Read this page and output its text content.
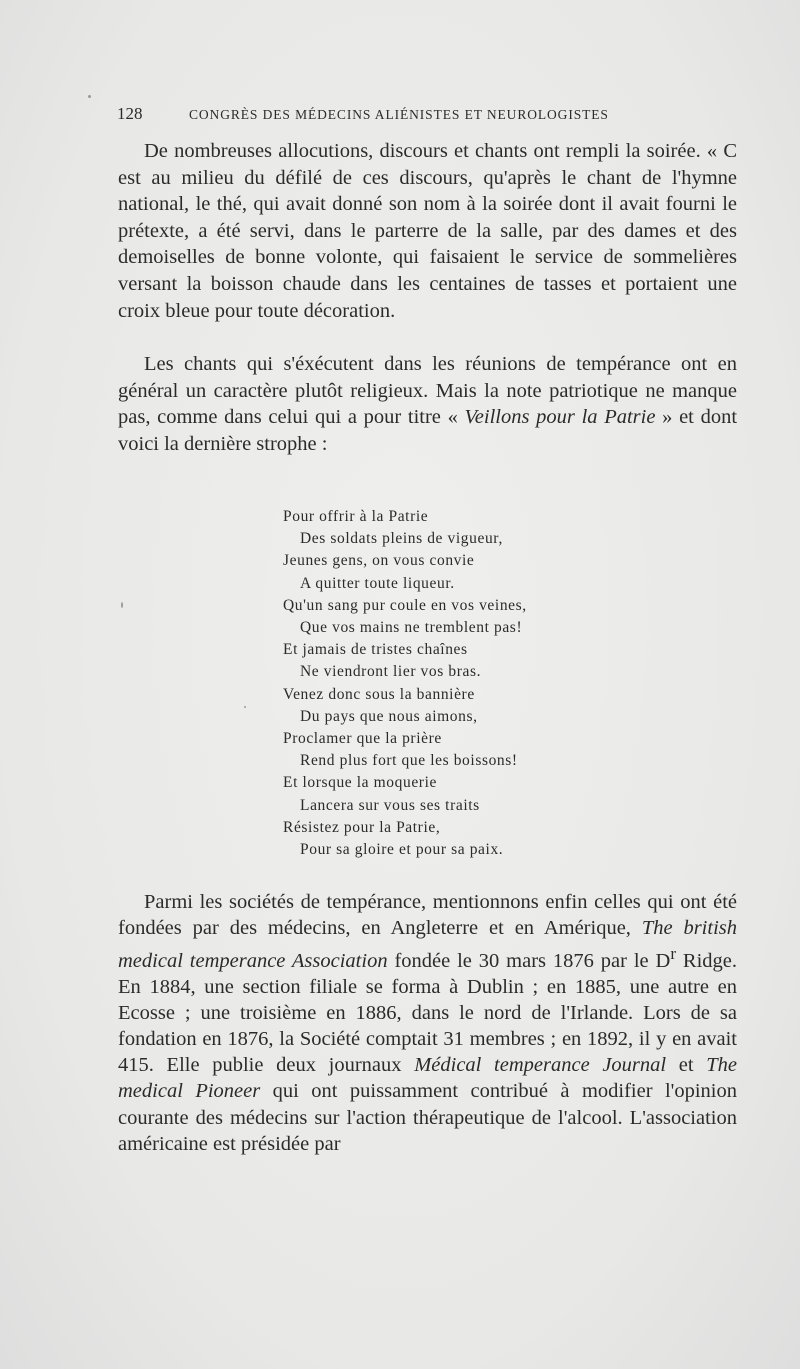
128	CONGRÈS DES MÉDECINS ALIÉNISTES ET NEUROLOGISTES

De nombreuses allocutions, discours et chants ont rempli la soirée. « C est au milieu du défilé de ces discours, qu'après le chant de l'hymne national, le thé, qui avait donné son nom à la soirée dont il avait fourni le prétexte, a été servi, dans le parterre de la salle, par des dames et des demoiselles de bonne volonte, qui faisaient le service de sommelières versant la boisson chaude dans les centaines de tasses et portaient une croix bleue pour toute décoration.

Les chants qui s'éxécutent dans les réunions de tempérance ont en général un caractère plutôt religieux. Mais la note patriotique ne manque pas, comme dans celui qui a pour titre « Veillons pour la Patrie » et dont voici la dernière strophe :

Pour offrir à la Patrie
Des soldats pleins de vigueur,
Jeunes gens, on vous convie
A quitter toute liqueur.
Qu'un sang pur coule en vos veines,
Que vos mains ne tremblent pas!
Et jamais de tristes chaînes
Ne viendront lier vos bras.
Venez donc sous la bannière
Du pays que nous aimons,
Proclamer que la prière
Rend plus fort que les boissons!
Et lorsque la moquerie
Lancera sur vous ses traits
Résistez pour la Patrie,
Pour sa gloire et pour sa paix.

Parmi les sociétés de tempérance, mentionnons enfin celles qui ont été fondées par des médecins, en Angleterre et en Amérique, The british medical temperance Association fondée le 30 mars 1876 par le $D^r$ Ridge. En 1884, une section filiale se forma à Dublin ; en 1885, une autre en Ecosse ; une troisième en 1886, dans le nord de l'Irlande. Lors de sa fondation en 1876, la Société comptait 31 membres ; en 1892, il y en avait 415. Elle publie deux journaux Médical temperance Journal et The medical Pioneer qui ont puissamment contribué à modifier l'opinion courante des médecins sur l'action thérapeutique de l'alcool. L'association américaine est présidée par
